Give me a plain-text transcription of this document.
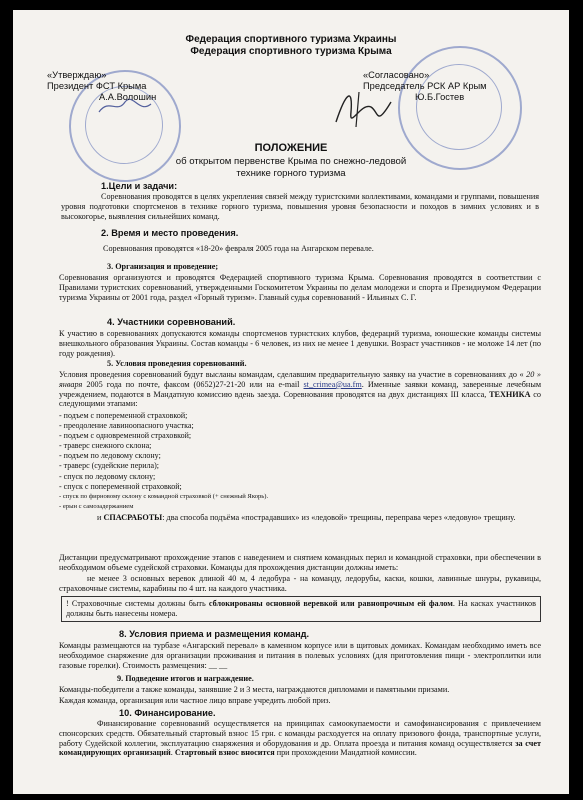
Федерация спортивного туризма Украины
Федерация спортивного туризма Крыма
«Утверждаю»
Президент ФСТ Крыма
А.А.Волошин
«Согласовано»
Председатель РСК АР Крым
Ю.Б.Гостев
ПОЛОЖЕНИЕ
об открытом первенстве Крыма по снежно-ледовой
технике горного туризма
1.Цели и задачи:
Соревнования проводятся в целях укрепления связей между туристскими коллективами, командами и группами, повышения уровня подготовки спортсменов в технике горного туризма, повышения уровня безопасности и походов в зимних условиях и в высокогорье, выявления сильнейших команд.
2. Время и место проведения.
Соревнования проводятся «18-20» февраля 2005 года на Ангарском перевале.
3. Организация и проведение;
Соревнования организуются и проводятся Федерацией спортивного туризма Крыма. Соревнования проводятся в соответствии с Правилами туристских соревнований, утвержденными Госкомитетом Украины по делам молодежи и спорта и Президиумом Федерации туризма Украины от 2001 года, раздел «Горный туризм». Главный судья соревнований - Ильиных С. Г.
4. Участники соревнований.
К участию в соревнованиях допускаются команды спортсменов турнстских клубов, федераций туризма, юношеские команды системы внешкольного образования Украины. Состав команды - 6 человек, из них не менее 1 девушки. Возраст участников - не моложе 14 лет (по году рождения).
5. Условия проведения соревнований.
Условия проведения соревнований будут высланы командам, сделавшим предварительную заявку на участие в соревнованиях до « 20 » января 2005 года по почте, факсом (0652)27-21-20 или на e-mail st_crimea@ua.fm. Именные заявки команд, заверенные лечебным учреждением, подаются в Мандатную комиссию вдень заезда. Соревнования проводятся на двух дистанциях III класса, ТЕХНИКА со следующими этапами:
- подъем с попеременной страховкой;
- преодоление лавиноопасного участка;
- подъем с одновременной страховкой;
- траверс снежного склона;
- подъем по ледовому склону;
- траверс (судейские перила);
- спуск по ледовому склону;
- спуск с попеременной страховкой;
- спуск по фирновому склону с командной страховкой (+ снежный Якорь).
- ерын с самозадержанием
и СПАСРАБОТЫ: два способа подъёма «пострадавших» из «ледовой» трещины, переправа через «ледовую» трещину.
Дистанции предусматривают прохождение этапов с наведением и снятием командных перил и командной страховки, при обеспечении в необходимом объеме судейской страховки. Команды для прохождения дистанции должны иметь:
не менее 3 основных веревок длиной 40 м, 4 ледобура - на команду, ледорубы, каски, кошки, лавинные шнуры, рукавицы, страховочные системы, карабины по 4 шт. на каждого участника.
! Страховочные системы должны быть сблокированы основной веревкой или равнопрочным ей фалом. На касках участников должны быть нанесены номера.
8. Условия приема и размещения команд.
Команды размещаются на турбазе «Ангарский перевал» в каменном корпусе или в щитовых домиках. Командам необходимо иметь все необходимое снаряжение для организации проживания и питания в полевых условиях (для приготовления пищи - электроплитки или газовые горелки). Стоимость размещения: __ __
9. Подведение итогов и награждение.
Команды-победители а также команды, занявшие 2 и 3 места, награждаются дипломами и памятными призами.
Каждая команда, организация или частное лицо вправе учредить любой приз.
10. Финансирование.
Финансирование соревнований осуществляется на принципах самоокупаемости и самофинансирования с привлечением спонсорских средств. Обязательный стартовый взнос 15 грн. с команды расходуется на оплату призового фонда, транспортные услуги, работу Судейской коллегии, эксплуатацию снаряжения и оборудования и др. Оплата проезда и питания команд осуществляется за счет командирующих организаций. Стартовый взнос вносится при прохождении Мандатной комиссии.
